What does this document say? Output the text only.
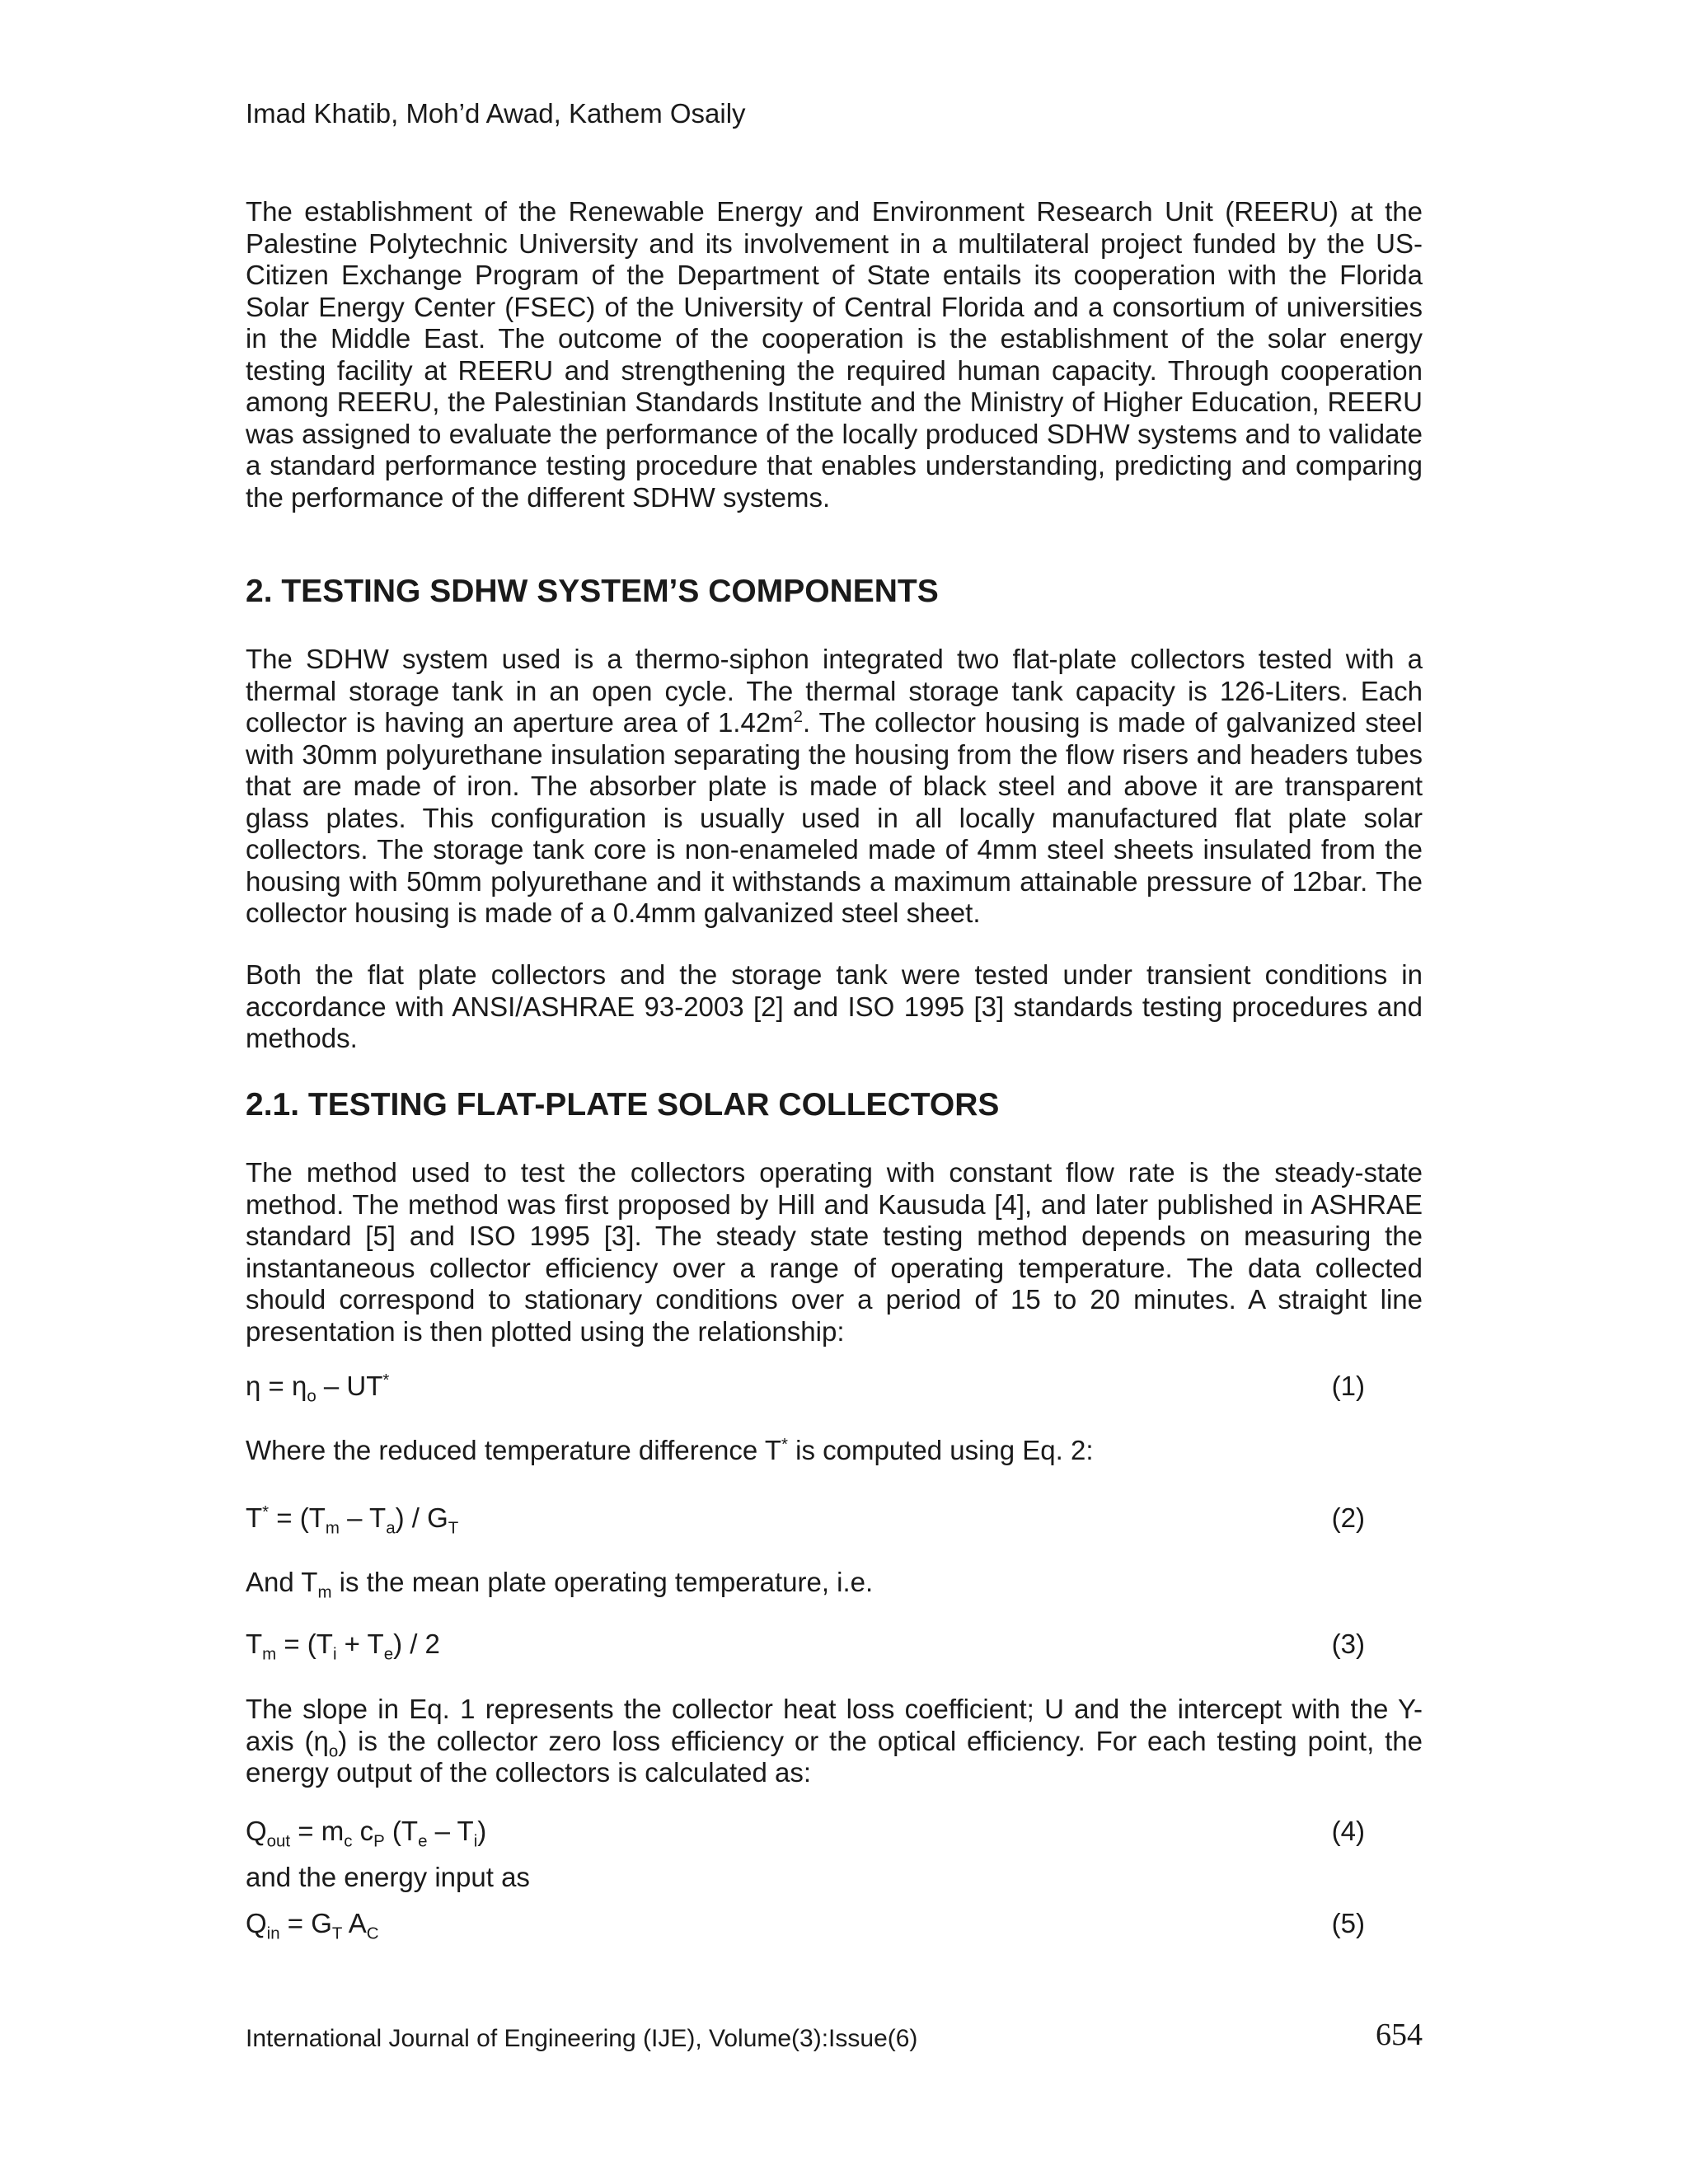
Imad Khatib, Moh’d Awad, Kathem Osaily

The establishment of the Renewable Energy and Environment Research Unit (REERU) at the Palestine Polytechnic University and its involvement in a multilateral project funded by the US-Citizen Exchange Program of the Department of State entails its cooperation with the Florida Solar Energy Center (FSEC) of the University of Central Florida and a consortium of universities in the Middle East. The outcome of the cooperation is the establishment of the solar energy testing facility at REERU and strengthening the required human capacity. Through cooperation among REERU, the Palestinian Standards Institute and the Ministry of Higher Education, REERU was assigned to evaluate the performance of the locally produced SDHW systems and to validate a standard performance testing procedure that enables understanding, predicting and comparing the performance of the different SDHW systems.

2. TESTING SDHW SYSTEM’S COMPONENTS

The SDHW system used is a thermo-siphon integrated two flat-plate collectors tested with a thermal storage tank in an open cycle. The thermal storage tank capacity is 126-Liters. Each collector is having an aperture area of $1.42m^2$. The collector housing is made of galvanized steel with 30mm polyurethane insulation separating the housing from the flow risers and headers tubes that are made of iron. The absorber plate is made of black steel and above it are transparent glass plates. This configuration is usually used in all locally manufactured flat plate solar collectors. The storage tank core is non-enameled made of 4mm steel sheets insulated from the housing with 50mm polyurethane and it withstands a maximum attainable pressure of 12bar. The collector housing is made of a 0.4mm galvanized steel sheet.

Both the flat plate collectors and the storage tank were tested under transient conditions in accordance with ANSI/ASHRAE 93-2003 [2] and ISO 1995 [3] standards testing procedures and methods.

2.1. TESTING FLAT-PLATE SOLAR COLLECTORS

The method used to test the collectors operating with constant flow rate is the steady-state method. The method was first proposed by Hill and Kausuda [4], and later published in ASHRAE standard [5] and ISO 1995 [3]. The steady state testing method depends on measuring the instantaneous collector efficiency over a range of operating temperature. The data collected should correspond to stationary conditions over a period of 15 to 20 minutes. A straight line presentation is then plotted using the relationship:

$\eta = \eta_o - UT^*$	(1)
Where the reduced temperature difference T* is computed using Eq. 2:
$T^* = (T_m - T_a) / G_T$	(2)
And $T_m$ is the mean plate operating temperature, i.e.
$T_m = (T_i + T_e) / 2$	(3)

The slope in Eq. 1 represents the collector heat loss coefficient; U and the intercept with the Y-axis $(\eta_o)$ is the collector zero loss efficiency or the optical efficiency. For each testing point, the energy output of the collectors is calculated as:

$Q_{out} = m_c$ $c_P$ $(T_e - T_i)$	(4)
and the energy input as
$Q_{in} = G_T$ $A_C$	(5)
International Journal of Engineering (IJE), Volume(3):Issue(6)	654
